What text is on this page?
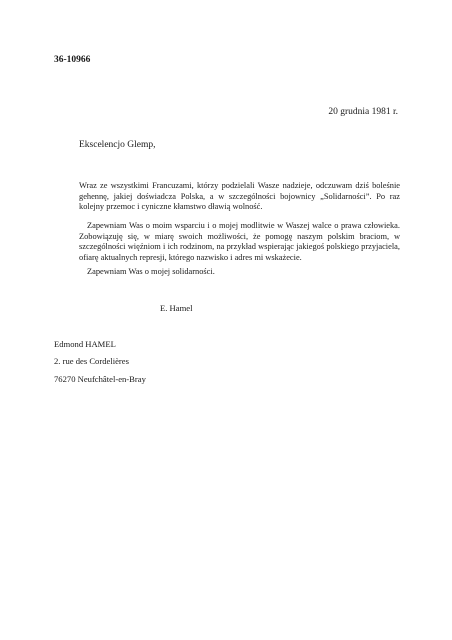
36-10966
20 grudnia 1981 r.
Ekscelencjo Glemp,

Wraz ze wszystkimi Francuzami, którzy podzielali Wasze nadzieje, odczuwam dziś boleśnie gehennę, jakiej doświadcza Polska, a w szczególności bojownicy „Solidarności”. Po raz kolejny przemoc i cyniczne kłamstwo dławią wolność.

Zapewniam Was o moim wsparciu i o mojej modlitwie w Waszej walce o prawa człowieka. Zobowiązuję się, w miarę swoich możliwości, że pomogę naszym polskim braciom, w szczególności więźniom i ich rodzinom, na przykład wspierając jakiegoś polskiego przyjaciela, ofiarę aktualnych represji, którego nazwisko i adres mi wskażecie.

Zapewniam Was o mojej solidarności.

E. Hamel
Edmond HAMEL
2. rue des Cordelières
76270 Neufchâtel-en-Bray
